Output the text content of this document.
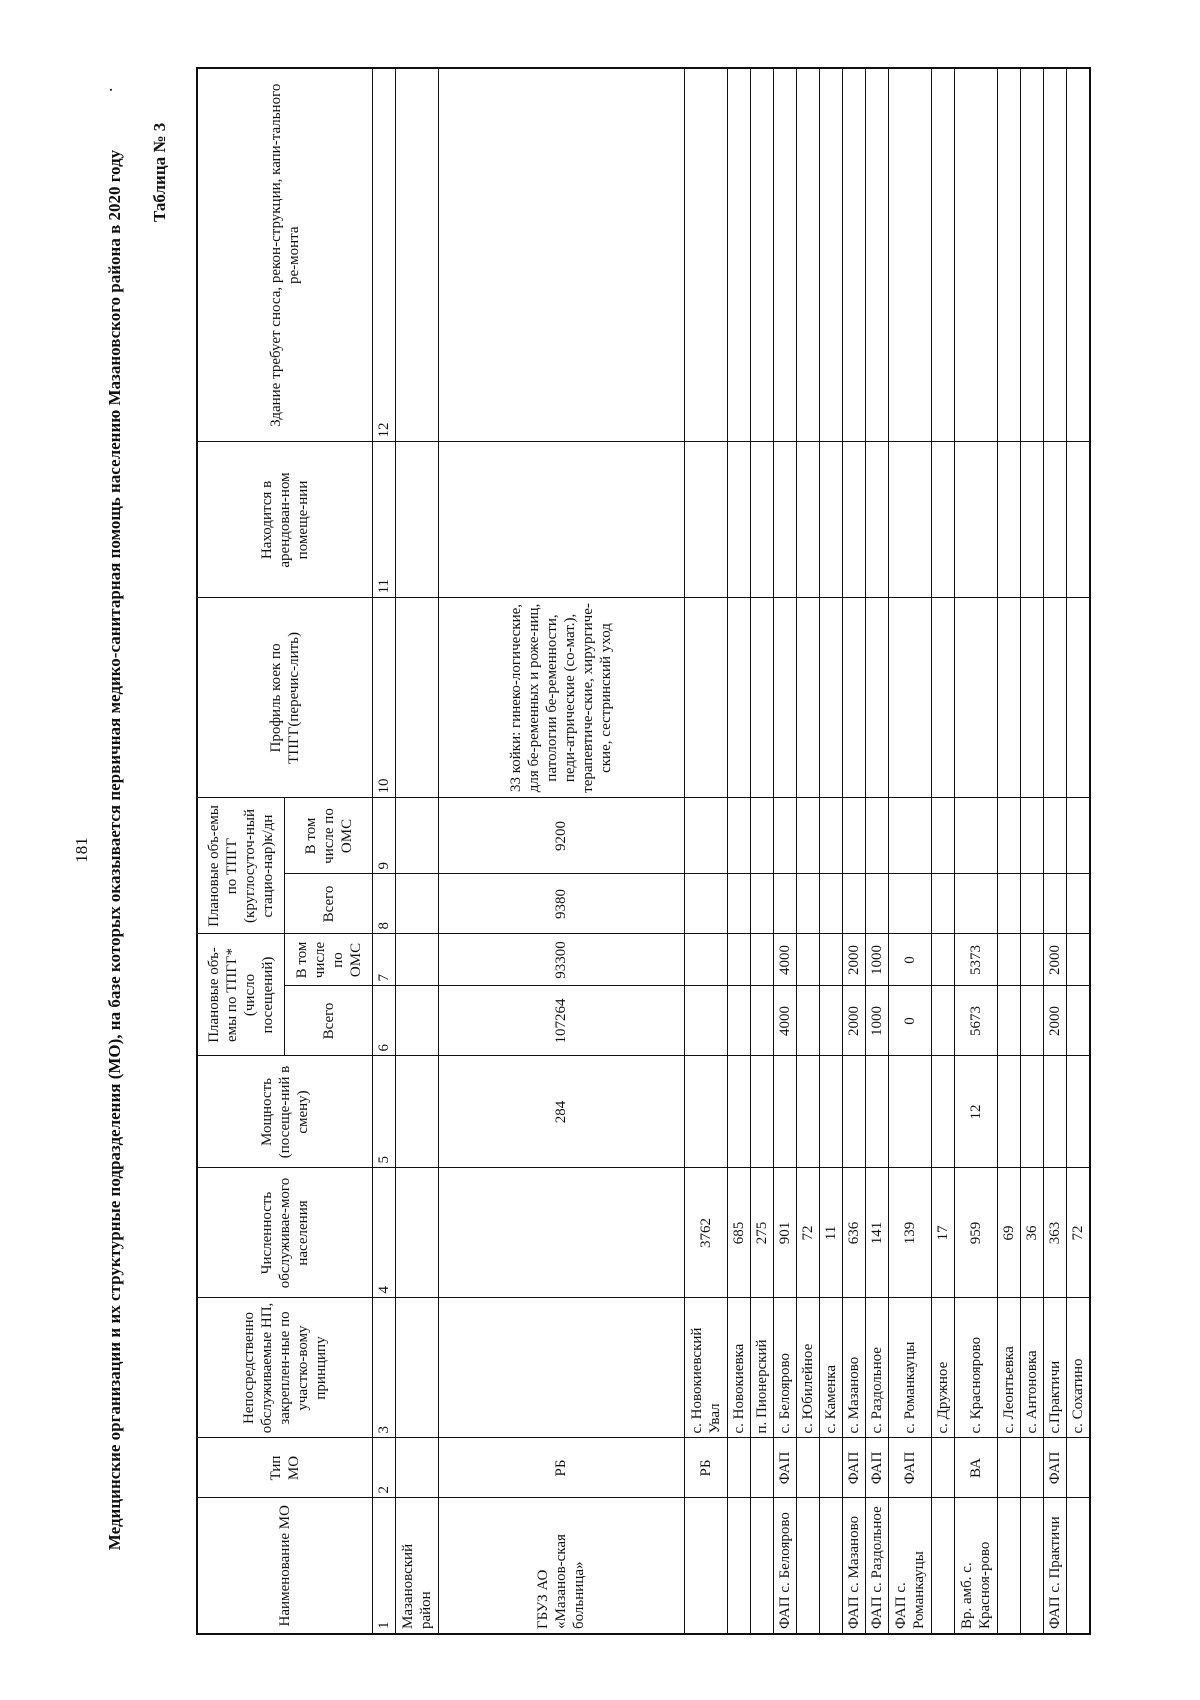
181
.
Медицинские организации и их структурные подразделения (МО), на базе которых оказывается первичная медико-санитарная помощь населению Мазановского района в 2020 году Таблица № 3
Наименование МО	Тип МО	Непосредственно обслуживаемые НП, закреплен-ные по участко-вому принципу	Численность обслуживае-мого населения	Мощность (посеще-ний в смену)	Плановые объ-емы по ТПГГ*(число посещений)		Плановые объ-емы по ТПГГ (круглосуточ-ный стацио-нар)к/дн		Профиль коек по ТПГГ(перечис-лить)	Находится в арендован-ном помеще-нии	Здание требует сноса, рекон-струкции, капи-тального ре-монта
					Всего	В том числе по ОМС	Всего	В том числе по ОМС			
1	2	3	4	5	6	7	8	9	10	11	12
Мазановский район											
ГБУЗ АО «Мазанов-ская больница»	РБ			284	107264	93300	9380	9200	33 койки: гинеко-логические, для бе-ременных и роже-ниц, патологии бе-ременности, педи-атрические (со-мат.), терапевтиче-ские, хирургиче-ские, сестринский уход		
	РБ	с. Новокиевский Увал	3762								
		с. Новокиевка	685								
		п. Пионерский	275								
ФАП с. Белоярово	ФАП	с. Белоярово	901		4000	4000					
		с. Юбилейное	72								
		с. Каменка	11								
ФАП с. Мазаново	ФАП	с. Мазаново	636		2000	2000					
ФАП с. Раздольное	ФАП	с. Раздольное	141		1000	1000					
ФАП с. Романкауцы	ФАП	с. Романкауцы	139		0	0					
		с. Дружное	17								
Вр. амб. с. Красноя-рово	ВА	с. Красноярово	959	12	5673	5373					
		с. Леонтьевка	69								
		с. Антоновка	36								
ФАП с. Практичи	ФАП	с.Практичи	363		2000	2000					
		с. Сохатино	72								
